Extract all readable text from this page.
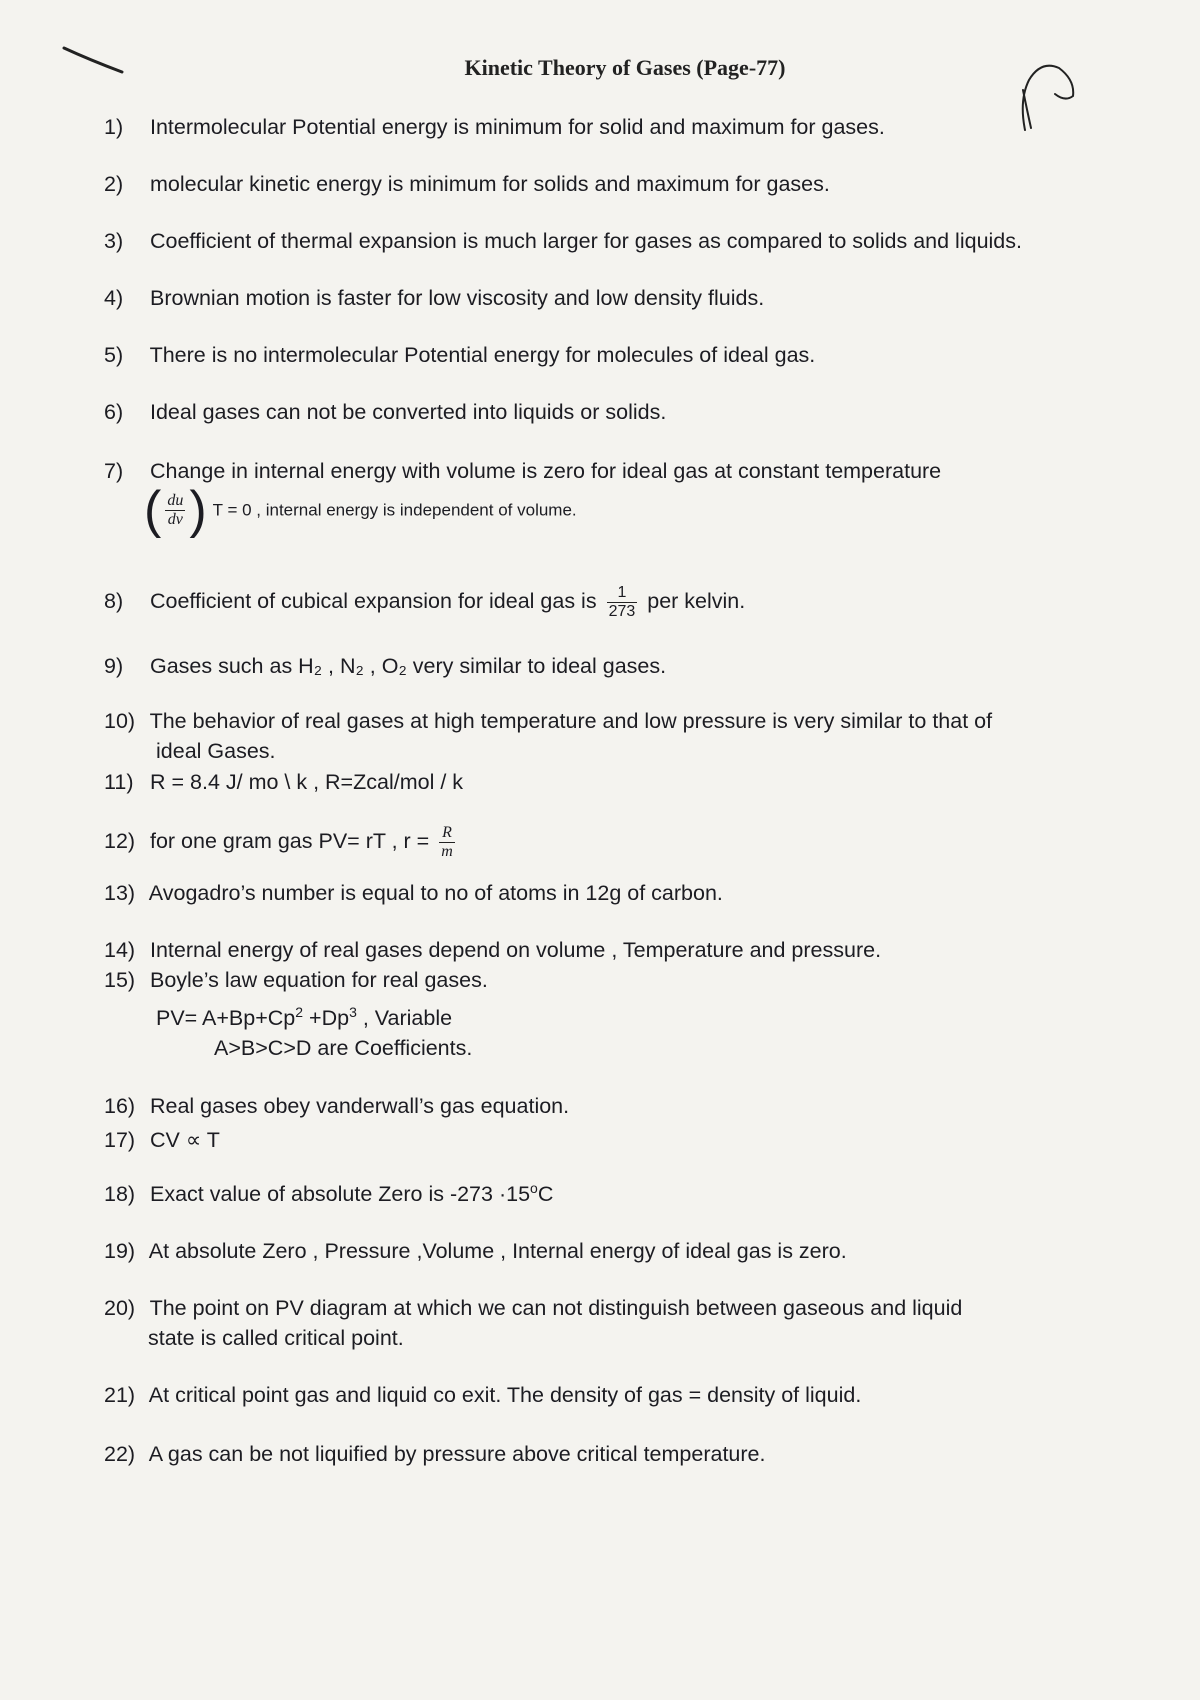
Kinetic Theory of Gases (Page-77)
1) Intermolecular Potential energy is minimum for solid and maximum for gases.
2) molecular kinetic energy is minimum for solids and maximum for gases.
3) Coefficient of thermal expansion is much larger for gases as compared to solids and liquids.
4) Brownian motion is faster for low viscosity and low density fluids.
5) There is no intermolecular Potential energy for molecules of ideal gas.
6) Ideal gases can not be converted into liquids or solids.
7) Change in internal energy with volume is zero for ideal gas at constant temperature
( $\frac{du}{dv}$ ) T = 0 , internal energy is independent of volume.
8) Coefficient of cubical expansion for ideal gas is $\frac{1}{273}$ per kelvin.
9) Gases such as H₂ , N₂ , O₂ very similar to ideal gases.
10) The behavior of real gases at high temperature and low pressure is very similar to that of
ideal Gases.
11) R = 8.4 J/ mo \ k , R=Zcal/mol / k
12) for one gram gas PV= rT , $r = \frac{R}{m}$
13) Avogadro’s number is equal to no of atoms in 12g of carbon.
14) Internal energy of real gases depend on volume , Temperature and pressure.
15) Boyle’s law equation for real gases.
$PV= A+Bp+Cp^2 +Dp^3$ , Variable
A>B>C>D are Coefficients.
16) Real gases obey vanderwall’s gas equation.
17) CV ∝ T
18) Exact value of absolute Zero is $-273 \cdot 15^oC$
19) At absolute Zero , Pressure ,Volume , Internal energy of ideal gas is zero.
20) The point on PV diagram at which we can not distinguish between gaseous and liquid
state is called critical point.
21) At critical point gas and liquid co exit. The density of gas = density of liquid.
22) A gas can be not liquified by pressure above critical temperature.
